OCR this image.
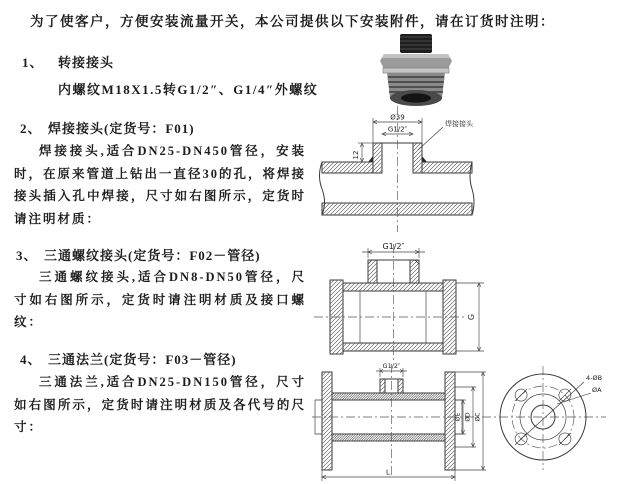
为了使客户，方便安装流量开关，本公司提供以下安装附件，请在订货时注明：
1、 转接接头
内螺纹M18X1.5转G1/2″、G1/4″外螺纹
2、 焊接接头(定货号：F01)

焊接接头,适合DN25-DN450管径，安装时，在原来管道上钻出一直径30的孔，将焊接接头插入孔中焊接，尺寸如右图所示，定货时请注明材质：

3、 三通螺纹接头(定货号：F02－管径)

三通螺纹接头,适合DN8-DN50管径，尺寸如右图所示，定货时请注明材质及接口螺纹：

4、 三通法兰(定货号：F03－管径)

三通法兰,适合DN25-DN150管径，尺寸如右图所示，定货时请注明材质及各代号的尺寸：

Ø39
G1/2″
12
焊接接头
G1/2″
G
G1/2″
ØE ØD ØC
L
4-ØB
ØA
